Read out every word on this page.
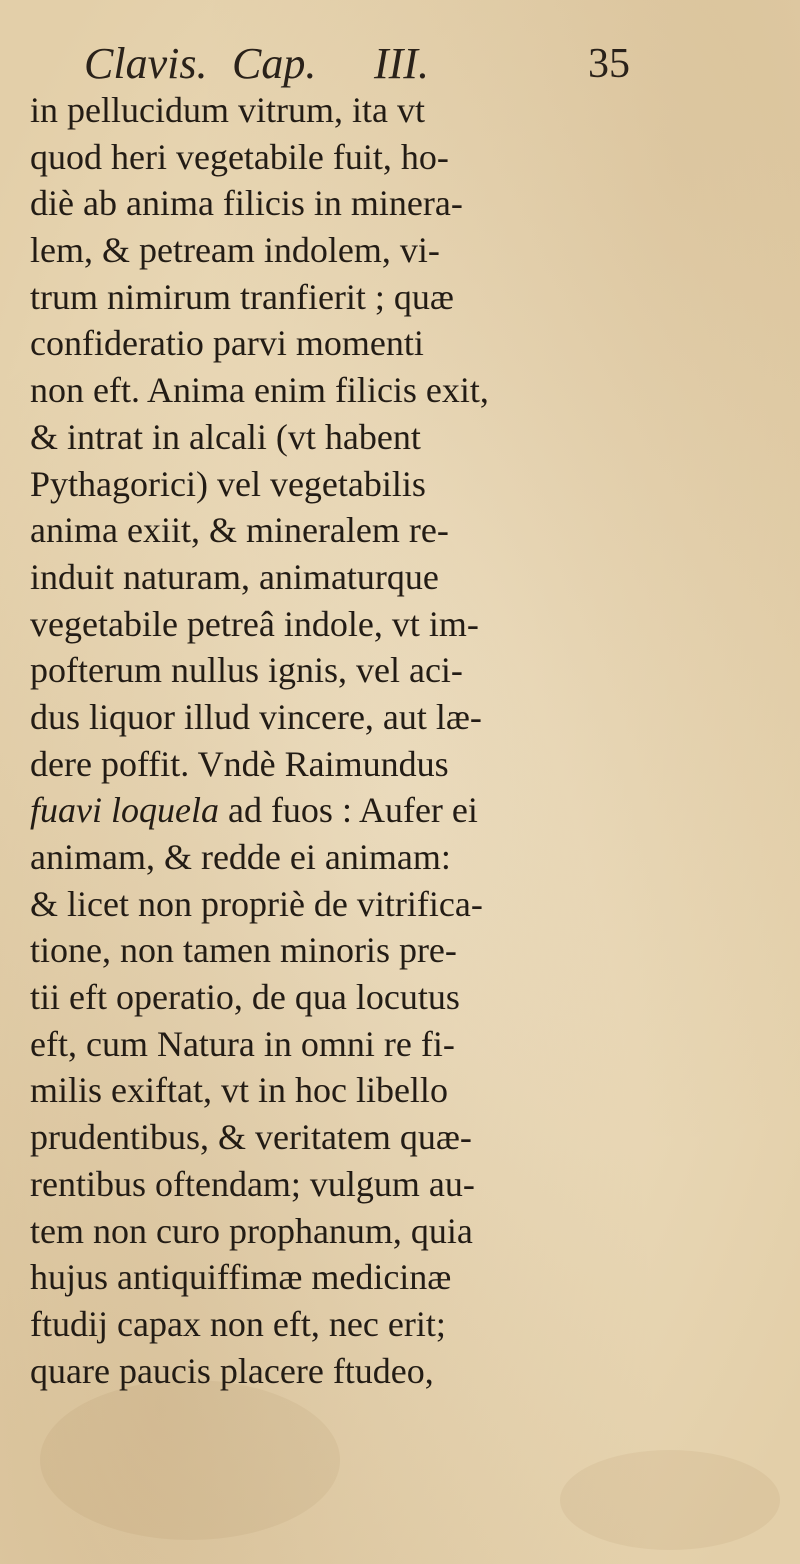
Clavis. Cap. III.	35
in pellucidum vitrum, ita vt
quod heri vegetabile fuit, ho-
diè ab anima filicis in minera-
lem, & petream indolem, vi-
trum nimirum tranfierit ; quæ
confideratio parvi momenti
non eft. Anima enim filicis exit,
& intrat in alcali (vt habent
Pythagorici) vel vegetabilis
anima exiit, & mineralem re-
induit naturam, animaturque
vegetabile petreâ indole, vt im-
pofterum nullus ignis, vel aci-
dus liquor illud vincere, aut læ-
dere poffit. Vndè Raimundus
fuavi loquela ad fuos : Aufer ei
animam, & redde ei animam:
& licet non propriè de vitrifica-
tione, non tamen minoris pre-
tii eft operatio, de qua locutus
eft, cum Natura in omni re fi-
milis exiftat, vt in hoc libello
prudentibus, & veritatem quæ-
rentibus oftendam; vulgum au-
tem non curo prophanum, quia
hujus antiquiffimæ medicinæ
ftudij capax non eft, nec erit;
quare paucis placere ftudeo,
